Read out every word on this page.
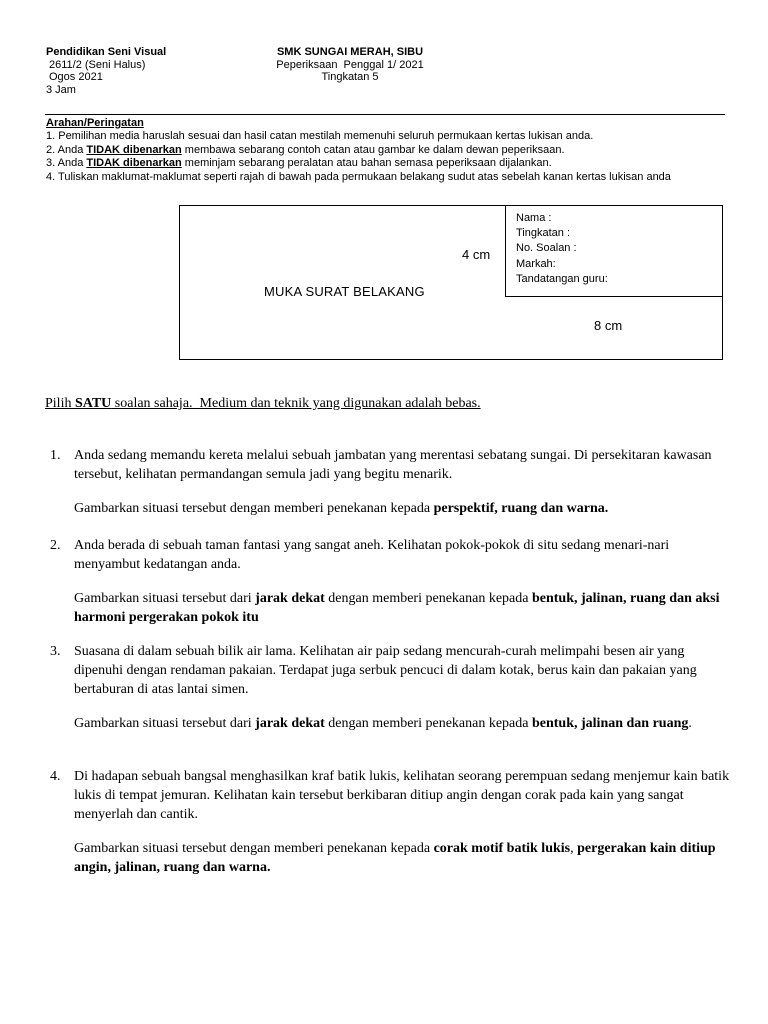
Pendidikan Seni Visual
2611/2 (Seni Halus)
Ogos 2021
3 Jam
SMK SUNGAI MERAH, SIBU
Peperiksaan  Penggal 1/ 2021
Tingkatan 5
Arahan/Peringatan
1. Pemilihan media haruslah sesuai dan hasil catan mestilah memenuhi seluruh permukaan kertas lukisan anda.
2. Anda TIDAK dibenarkan membawa sebarang contoh catan atau gambar ke dalam dewan peperiksaan.
3. Anda TIDAK dibenarkan meminjam sebarang peralatan atau bahan semasa peperiksaan dijalankan.
4. Tuliskan maklumat-maklumat seperti rajah di bawah pada permukaan belakang sudut atas sebelah kanan kertas lukisan anda
Nama :
Tingkatan :
No. Soalan :
Markah:
Tandatangan guru:
4 cm
MUKA SURAT BELAKANG
8 cm
Pilih SATU soalan sahaja.  Medium dan teknik yang digunakan adalah bebas.
1. Anda sedang memandu kereta melalui sebuah jambatan yang merentasi sebatang sungai. Di persekitaran kawasan tersebut, kelihatan permandangan semula jadi yang begitu menarik.

Gambarkan situasi tersebut dengan memberi penekanan kepada perspektif, ruang dan warna.

2. Anda berada di sebuah taman fantasi yang sangat aneh. Kelihatan pokok-pokok di situ sedang menari-nari menyambut kedatangan anda.

Gambarkan situasi tersebut dari jarak dekat dengan memberi penekanan kepada bentuk, jalinan, ruang dan aksi harmoni pergerakan pokok itu

3. Suasana di dalam sebuah bilik air lama. Kelihatan air paip sedang mencurah-curah melimpahi besen air yang dipenuhi dengan rendaman pakaian. Terdapat juga serbuk pencuci di dalam kotak, berus kain dan pakaian yang bertaburan di atas lantai simen.

Gambarkan situasi tersebut dari jarak dekat dengan memberi penekanan kepada bentuk, jalinan dan ruang.

4. Di hadapan sebuah bangsal menghasilkan kraf batik lukis, kelihatan seorang perempuan sedang menjemur kain batik lukis di tempat jemuran. Kelihatan kain tersebut berkibaran ditiup angin dengan corak pada kain yang sangat menyerlah dan cantik.

Gambarkan situasi tersebut dengan memberi penekanan kepada corak motif batik lukis, pergerakan kain ditiup angin, jalinan, ruang dan warna.
